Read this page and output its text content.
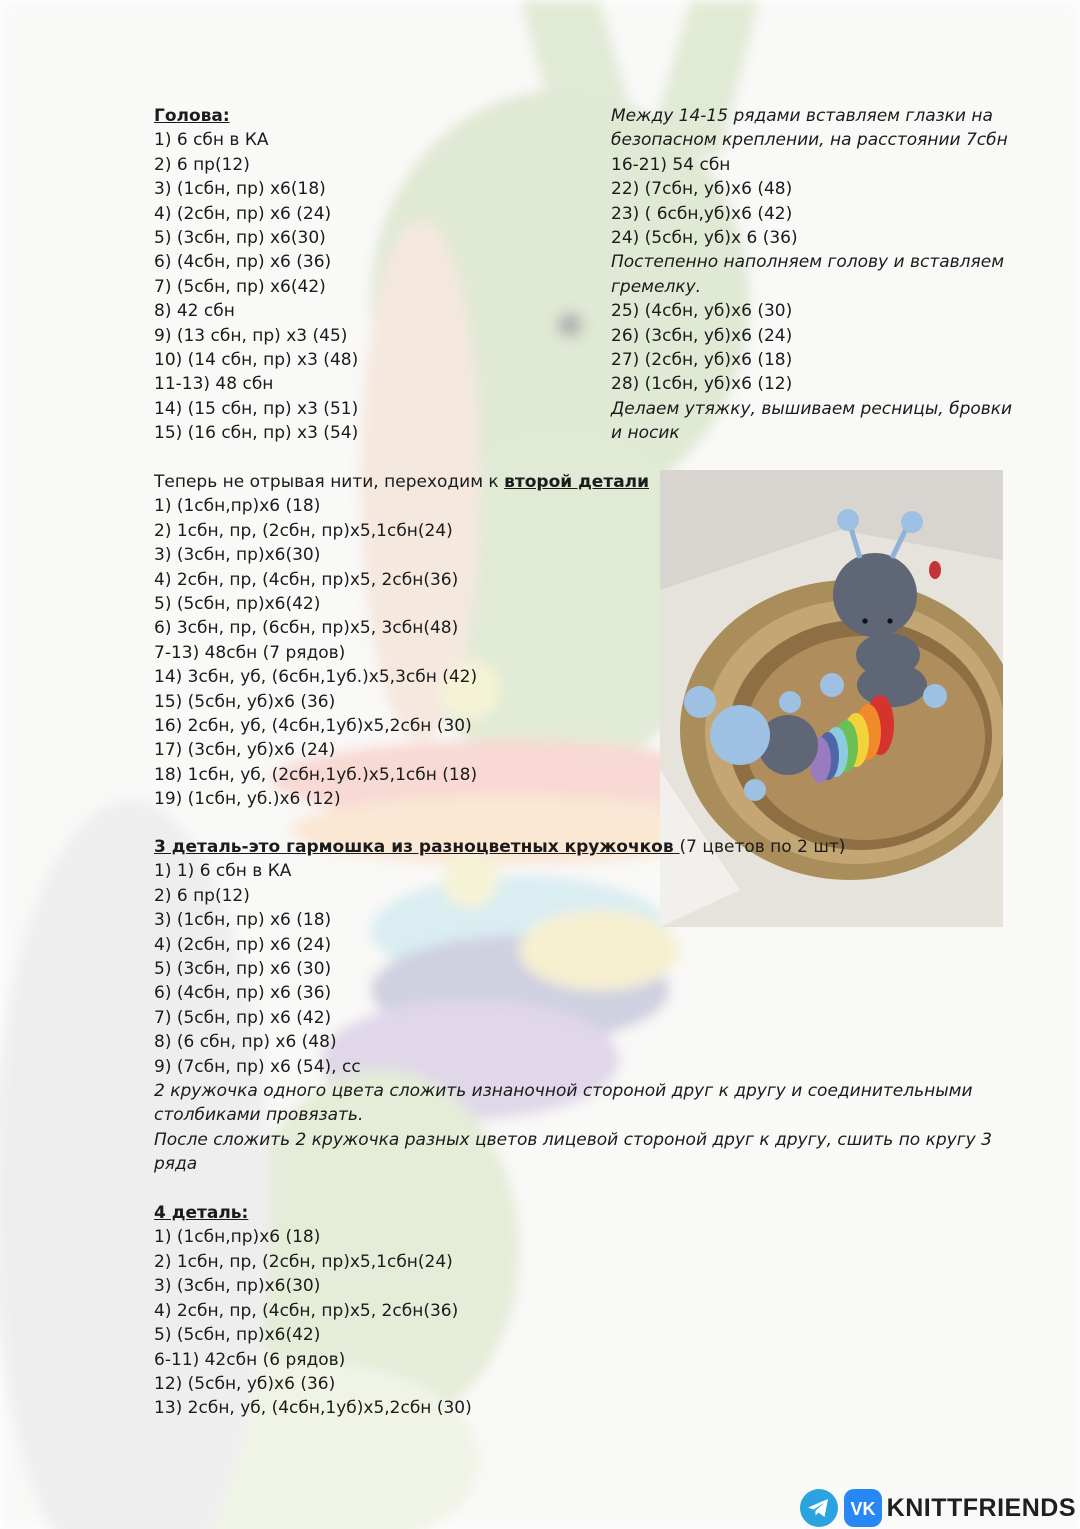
Голова:
1) 6 сбн в КА
2) 6 пр(12)
3) (1сбн, пр) х6(18)
4) (2сбн, пр) х6 (24)
5) (3сбн, пр) х6(30)
6) (4сбн, пр) х6 (36)
7) (5сбн, пр) х6(42)
8) 42 сбн
9) (13 сбн, пр) х3 (45)
10) (14 сбн, пр) х3 (48)
11-13) 48 сбн
14) (15 сбн, пр) х3 (51)
15) (16 сбн, пр) х3 (54)
Между 14-15 рядами вставляем глазки на
безопасном креплении, на расстоянии 7сбн
16-21) 54 сбн
22) (7сбн, уб)х6 (48)
23) ( 6сбн,уб)х6 (42)
24) (5сбн, уб)х 6 (36)
Постепенно наполняем голову и вставляем
гремелку.
25) (4сбн, уб)х6 (30)
26) (3сбн, уб)х6 (24)
27) (2сбн, уб)х6 (18)
28) (1сбн, уб)х6 (12)
Делаем утяжку, вышиваем ресницы, бровки
и носик
Теперь не отрывая нити, переходим к второй детали
1) (1сбн,пр)х6 (18)
2) 1сбн, пр, (2сбн, пр)х5,1сбн(24)
3) (3сбн, пр)х6(30)
4) 2сбн, пр, (4сбн, пр)х5, 2сбн(36)
5) (5сбн, пр)х6(42)
6) 3сбн, пр, (6сбн, пр)х5, 3сбн(48)
7-13) 48сбн (7 рядов)
14) 3сбн, уб, (6сбн,1уб.)х5,3сбн (42)
15) (5сбн, уб)х6 (36)
16) 2сбн, уб, (4сбн,1уб)х5,2сбн (30)
17) (3сбн, уб)х6 (24)
18) 1сбн, уб, (2сбн,1уб.)х5,1сбн (18)
19) (1сбн, уб.)х6 (12)
3 деталь-это гармошка из разноцветных кружочков (7 цветов по 2 шт)
1) 1) 6 сбн в КА
2) 6 пр(12)
3) (1сбн, пр) х6 (18)
4) (2сбн, пр) х6 (24)
5) (3сбн, пр) х6 (30)
6) (4сбн, пр) х6 (36)
7) (5сбн, пр) х6 (42)
8) (6 сбн, пр) х6 (48)
9) (7сбн, пр) х6 (54), сс
2 кружочка одного цвета сложить изнаночной стороной друг к другу и соединительными
столбиками провязать.
После сложить 2 кружочка разных цветов лицевой стороной друг к другу, сшить по кругу 3
ряда
4 деталь:
1) (1сбн,пр)х6 (18)
2) 1сбн, пр, (2сбн, пр)х5,1сбн(24)
3) (3сбн, пр)х6(30)
4) 2сбн, пр, (4сбн, пр)х5, 2сбн(36)
5) (5сбн, пр)х6(42)
6-11) 42сбн (6 рядов)
12) (5сбн, уб)х6 (36)
13) 2сбн, уб, (4сбн,1уб)х5,2сбн (30)
VK KNITTFRIENDS
